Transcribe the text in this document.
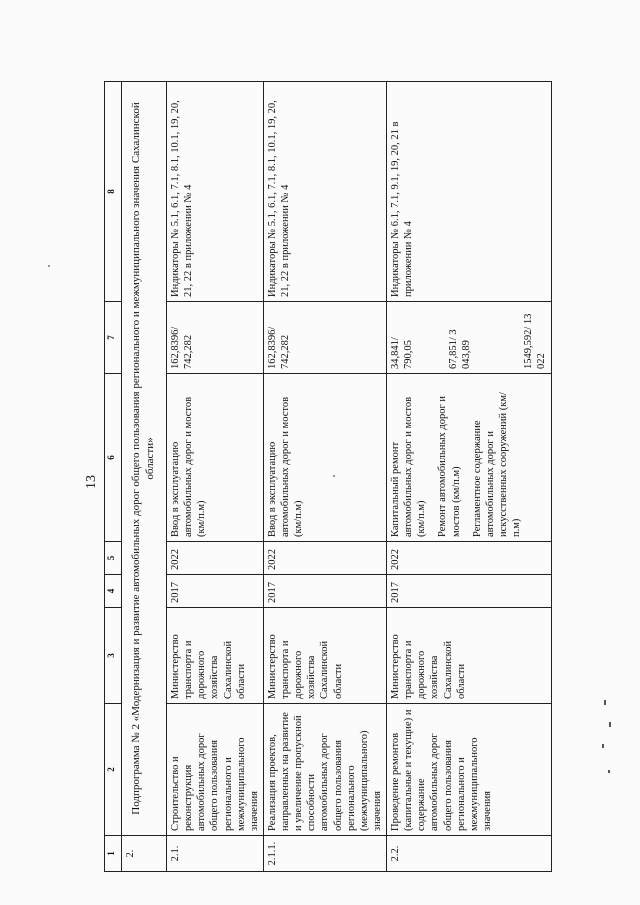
13
1	2	3	4	5	6	7	8
2.	Подпрограмма № 2 «Модернизация и развитие автомобильных дорог общего пользования регионального и межмуниципального значения Сахалинской области»						
2.1.	Строительство и реконструкция автомобильных дорог общего пользования регионального и межмуниципального значения	Министерство транспорта и дорожного хозяйства Сахалинской области	2017	2022	Ввод в эксплуатацию автомобильных дорог и мостов (км/п.м)	162,8396/ 742,282	Индикаторы № 5.1, 6.1, 7.1, 8.1, 10.1, 19, 20, 21, 22 в приложении № 4
2.1.1.	Реализация проектов, направленных на развитие и увеличение пропускной способности автомобильных дорог общего пользования регионального (межмуниципального) значения	Министерство транспорта и дорожного хозяйства Сахалинской области	2017	2022	Ввод в эксплуатацию автомобильных дорог и мостов (км/п.м)	162,8396/ 742,282	Индикаторы № 5.1, 6.1, 7.1, 8.1, 10.1, 19, 20, 21, 22 в приложении № 4
2.2.	Проведение ремонтов (капитальные и текущие) и содержание автомобильных дорог общего пользования регионального и межмуниципального значения	Министерство транспорта и дорожного хозяйства Сахалинской области	2017	2022	Капитальный ремонт автомобильных дорог и мостов (км/п.м) Ремонт автомобильных дорог и мостов (км/п.м) Регламентное содержание автомобильных дорог и искусственных сооружений (км/п.м)	34,841/ 790,05 67,851/ 3 043,89 1549,592/ 13 022	Индикаторы № 6.1, 7.1, 9.1, 19, 20, 21 в приложении № 4
